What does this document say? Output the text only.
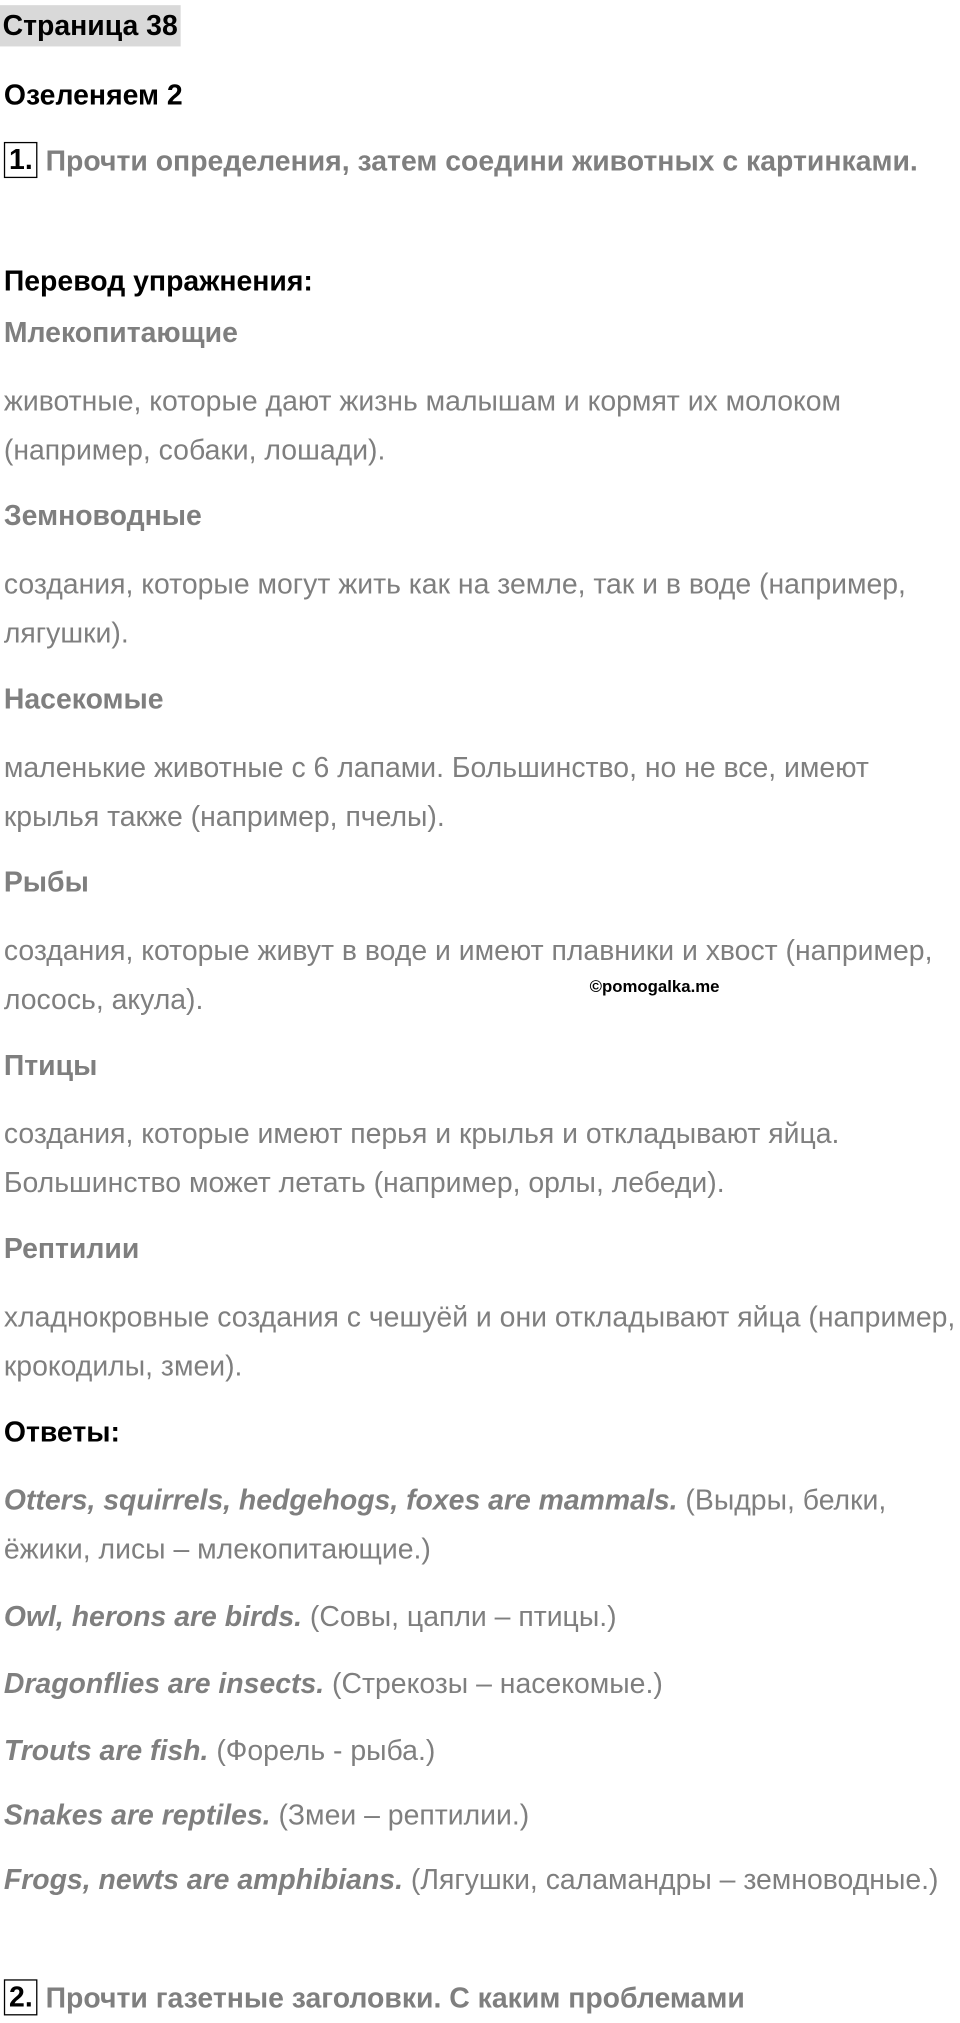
Страница 38
Озеленяем 2
1. Прочти определения, затем соедини животных с картинками.
Перевод упражнения:
Млекопитающие
животные, которые дают жизнь малышам и кормят их молоком (например, собаки, лошади).
Земноводные
создания, которые могут жить как на земле, так и в воде (например, лягушки).
Насекомые
маленькие животные с 6 лапами. Большинство, но не все, имеют крылья также (например, пчелы).
Рыбы
создания, которые живут в воде и имеют плавники и хвост (например, лосось, акула).	©pomogalka.me
Птицы
создания, которые имеют перья и крылья и откладывают яйца. Большинство может летать (например, орлы, лебеди).
Рептилии
хладнокровные создания с чешуёй и они откладывают яйца (например, крокодилы, змеи).
Ответы:
Otters, squirrels, hedgehogs, foxes are mammals. (Выдры, белки, ёжики, лисы – млекопитающие.)
Owl, herons are birds. (Совы, цапли – птицы.)
Dragonflies are insects. (Стрекозы – насекомые.)
Trouts are fish. (Форель - рыба.)
Snakes are reptiles. (Змеи – рептилии.)
Frogs, newts are amphibians. (Лягушки, саламандры – земноводные.)
2. Прочти газетные заголовки. С каким проблемами
